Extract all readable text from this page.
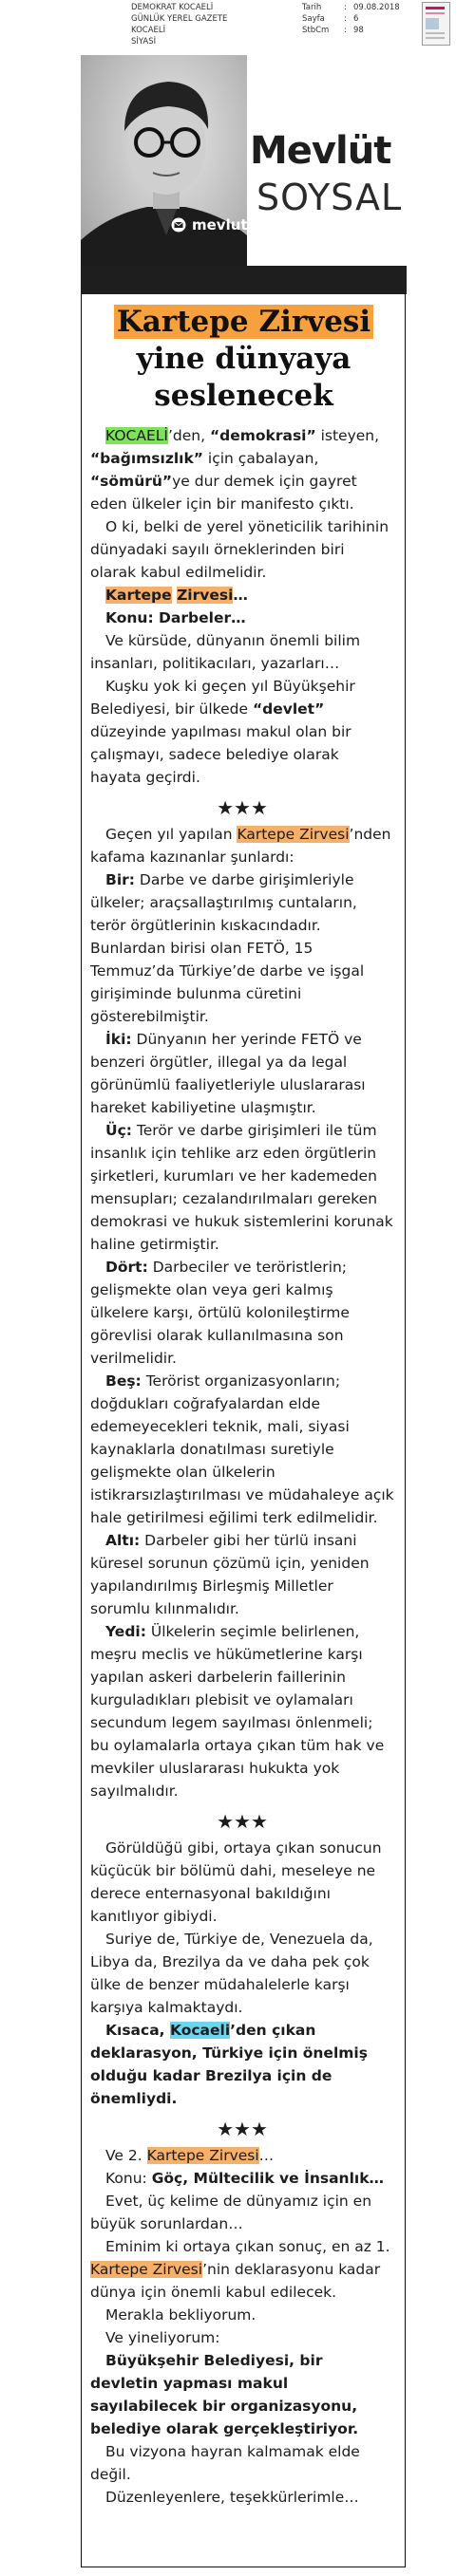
DEMOKRAT KOCAELİ
GÜNLÜK YEREL GAZETE
KOCAELİ
SİYASİ
Tarih	: 09.08.2018
Sayfa	: 6
StbCm	: 98
Mevlüt
SOYSAL
mevlutsoysal@gmail.com
Kartepe Zirvesi
yine dünyaya
seslenecek

KOCAELİ’den, “demokrasi” isteyen, “bağımsızlık” için çabalayan, “sömürü”ye dur demek için gayret eden ülkeler için bir manifesto çıktı.

O ki, belki de yerel yöneticilik tarihinin dünyadaki sayılı örneklerinden biri olarak kabul edilmelidir.

Kartepe Zirvesi…

Konu: Darbeler…

Ve kürsüde, dünyanın önemli bilim insanları, politikacıları, yazarları…

Kuşku yok ki geçen yıl Büyükşehir Belediyesi, bir ülkede “devlet” düzeyinde yapılması makul olan bir çalışmayı, sadece belediye olarak hayata geçirdi.

★★★

Geçen yıl yapılan Kartepe Zirvesi’nden kafama kazınanlar şunlardı:

Bir: Darbe ve darbe girişimleriyle ülkeler; araçsallaştırılmış cuntaların, terör örgütlerinin kıskacındadır. Bunlardan birisi olan FETÖ, 15 Temmuz’da Türkiye’de darbe ve işgal girişiminde bulunma cüretini gösterebilmiştir.

İki: Dünyanın her yerinde FETÖ ve benzeri örgütler, illegal ya da legal görünümlü faaliyetleriyle uluslararası hareket kabiliyetine ulaşmıştır.

Üç: Terör ve darbe girişimleri ile tüm insanlık için tehlike arz eden örgütlerin şirketleri, kurumları ve her kademeden mensupları; cezalandırılmaları gereken demokrasi ve hukuk sistemlerini korunak haline getirmiştir.

Dört: Darbeciler ve teröristlerin; gelişmekte olan veya geri kalmış ülkelere karşı, örtülü kolonileştirme görevlisi olarak kullanılmasına son verilmelidir.

Beş: Terörist organizasyonların; doğdukları coğrafyalardan elde edemeyecekleri teknik, mali, siyasi kaynaklarla donatılması suretiyle gelişmekte olan ülkelerin istikrarsızlaştırılması ve müdahaleye açık hale getirilmesi eğilimi terk edilmelidir.

Altı: Darbeler gibi her türlü insani küresel sorunun çözümü için, yeniden yapılandırılmış Birleşmiş Milletler sorumlu kılınmalıdır.

Yedi: Ülkelerin seçimle belirlenen, meşru meclis ve hükümetlerine karşı yapılan askeri darbelerin faillerinin kurguladıkları plebisit ve oylamaları secundum legem sayılması önlenmeli; bu oylamalarla ortaya çıkan tüm hak ve mevkiler uluslararası hukukta yok sayılmalıdır.

★★★

Görüldüğü gibi, ortaya çıkan sonucun küçücük bir bölümü dahi, meseleye ne derece enternasyonal bakıldığını kanıtlıyor gibiydi.

Suriye de, Türkiye de, Venezuela da, Libya da, Brezilya da ve daha pek çok ülke de benzer müdahalelerle karşı karşıya kalmaktaydı.

Kısaca, Kocaeli’den çıkan deklarasyon, Türkiye için önelmiş olduğu kadar Brezilya için de önemliydi.

★★★

Ve 2. Kartepe Zirvesi…

Konu: Göç, Mültecilik ve İnsanlık…

Evet, üç kelime de dünyamız için en büyük sorunlardan…

Eminim ki ortaya çıkan sonuç, en az 1. Kartepe Zirvesi’nin deklarasyonu kadar dünya için önemli kabul edilecek.

Merakla bekliyorum.

Ve yineliyorum:

Büyükşehir Belediyesi, bir devletin yapması makul sayılabilecek bir organizasyonu, belediye olarak gerçekleştiriyor.

Bu vizyona hayran kalmamak elde değil.

Düzenleyenlere, teşekkürlerimle…
